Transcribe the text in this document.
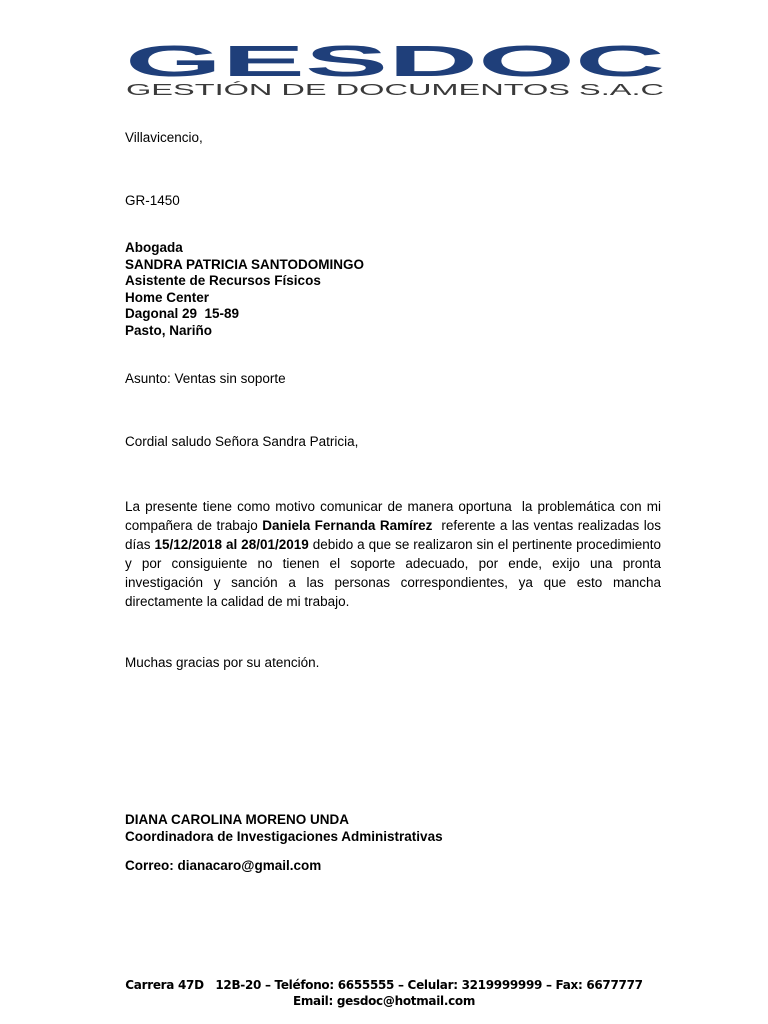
GESDOC
GESTIÓN DE DOCUMENTOS S.A.C
Villavicencio,
GR-1450
Abogada
SANDRA PATRICIA SANTODOMINGO
Asistente de Recursos Físicos
Home Center
Dagonal 29  15-89
Pasto, Nariño
Asunto: Ventas sin soporte
Cordial saludo Señora Sandra Patricia,
La presente tiene como motivo comunicar de manera oportuna  la problemática con mi compañera de trabajo Daniela Fernanda Ramírez  referente a las ventas realizadas los días 15/12/2018 al 28/01/2019 debido a que se realizaron sin el pertinente procedimiento y por consiguiente no tienen el soporte adecuado, por ende, exijo una pronta investigación y sanción a las personas correspondientes, ya que esto mancha directamente la calidad de mi trabajo.
Muchas gracias por su atención.
DIANA CAROLINA MORENO UNDA
Coordinadora de Investigaciones Administrativas
Correo: dianacaro@gmail.com
Carrera 47D   12B-20 – Teléfono: 6655555 – Celular: 3219999999 – Fax: 6677777
Email: gesdoc@hotmail.com
